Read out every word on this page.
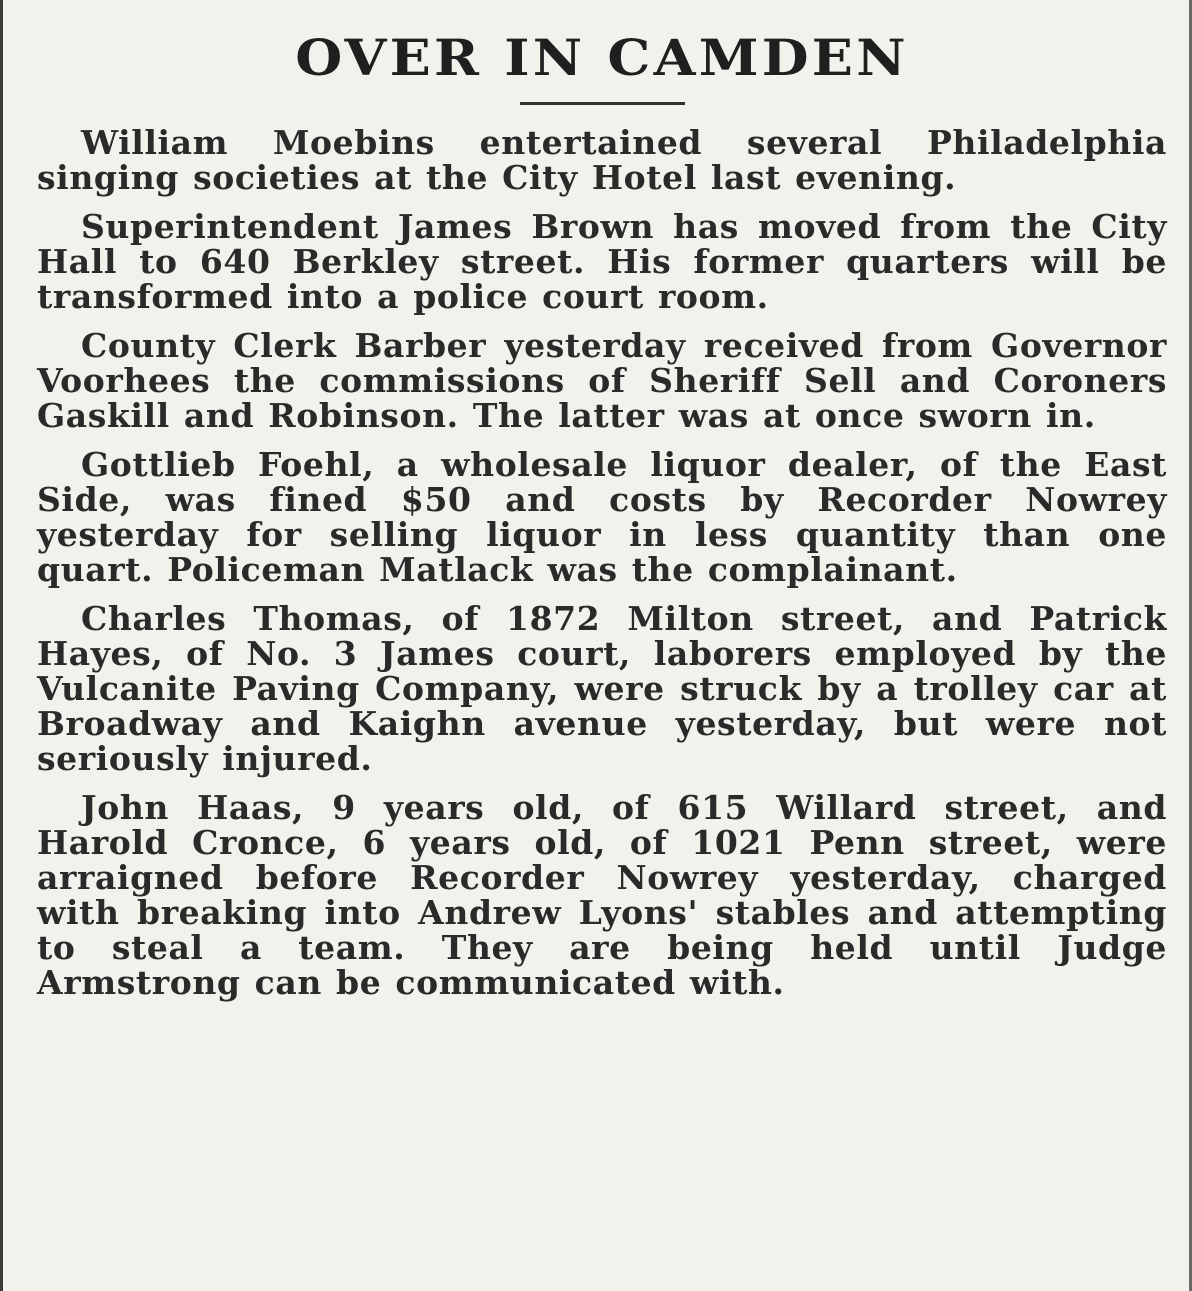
OVER IN CAMDEN

William Moebins entertained several Philadelphia singing societies at the City Hotel last evening.

Superintendent James Brown has moved from the City Hall to 640 Berkley street. His former quarters will be transformed into a police court room.

County Clerk Barber yesterday received from Governor Voorhees the commissions of Sheriff Sell and Coroners Gaskill and Robinson. The latter was at once sworn in.

Gottlieb Foehl, a wholesale liquor dealer, of the East Side, was fined $50 and costs by Recorder Nowrey yesterday for selling liquor in less quantity than one quart. Policeman Matlack was the complainant.

Charles Thomas, of 1872 Milton street, and Patrick Hayes, of No. 3 James court, laborers employed by the Vulcanite Paving Company, were struck by a trolley car at Broadway and Kaighn avenue yesterday, but were not seriously injured.

John Haas, 9 years old, of 615 Willard street, and Harold Cronce, 6 years old, of 1021 Penn street, were arraigned before Recorder Nowrey yesterday, charged with breaking into Andrew Lyons' stables and attempting to steal a team. They are being held until Judge Armstrong can be communicated with.
